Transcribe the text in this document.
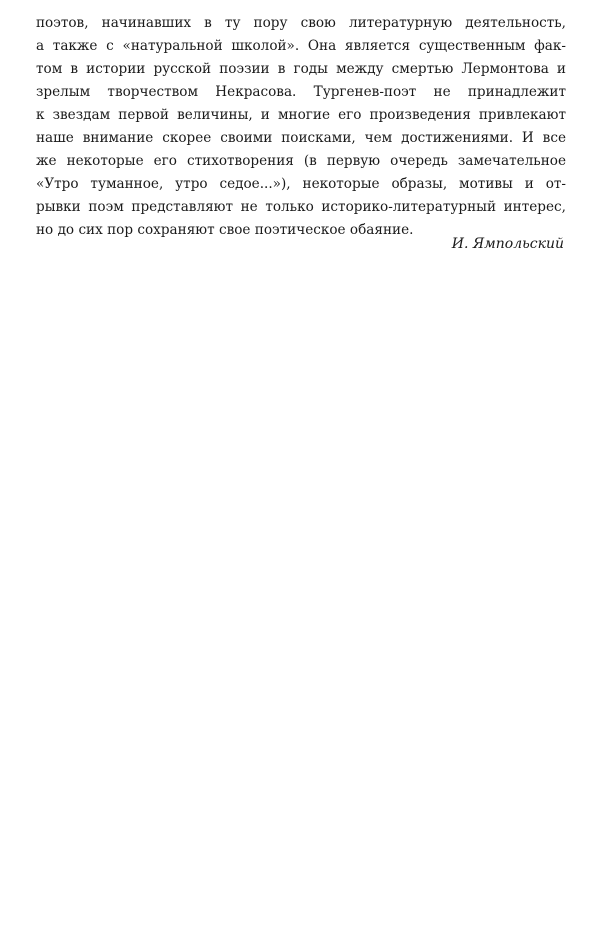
поэтов, начинавших в ту пору свою литературную деятельность,
а также с «натуральной школой». Она является существенным фак-
том в истории русской поэзии в годы между смертью Лермонтова и
зрелым творчеством Некрасова. Тургенев-поэт не принадлежит
к звездам первой величины, и многие его произведения привлекают
наше внимание скорее своими поисками, чем достижениями. И все
же некоторые его стихотворения (в первую очередь замечательное
«Утро туманное, утро седое...»), некоторые образы, мотивы и от-
рывки поэм представляют не только историко-литературный интерес,
но до сих пор сохраняют свое поэтическое обаяние.
И. Ямпольский
